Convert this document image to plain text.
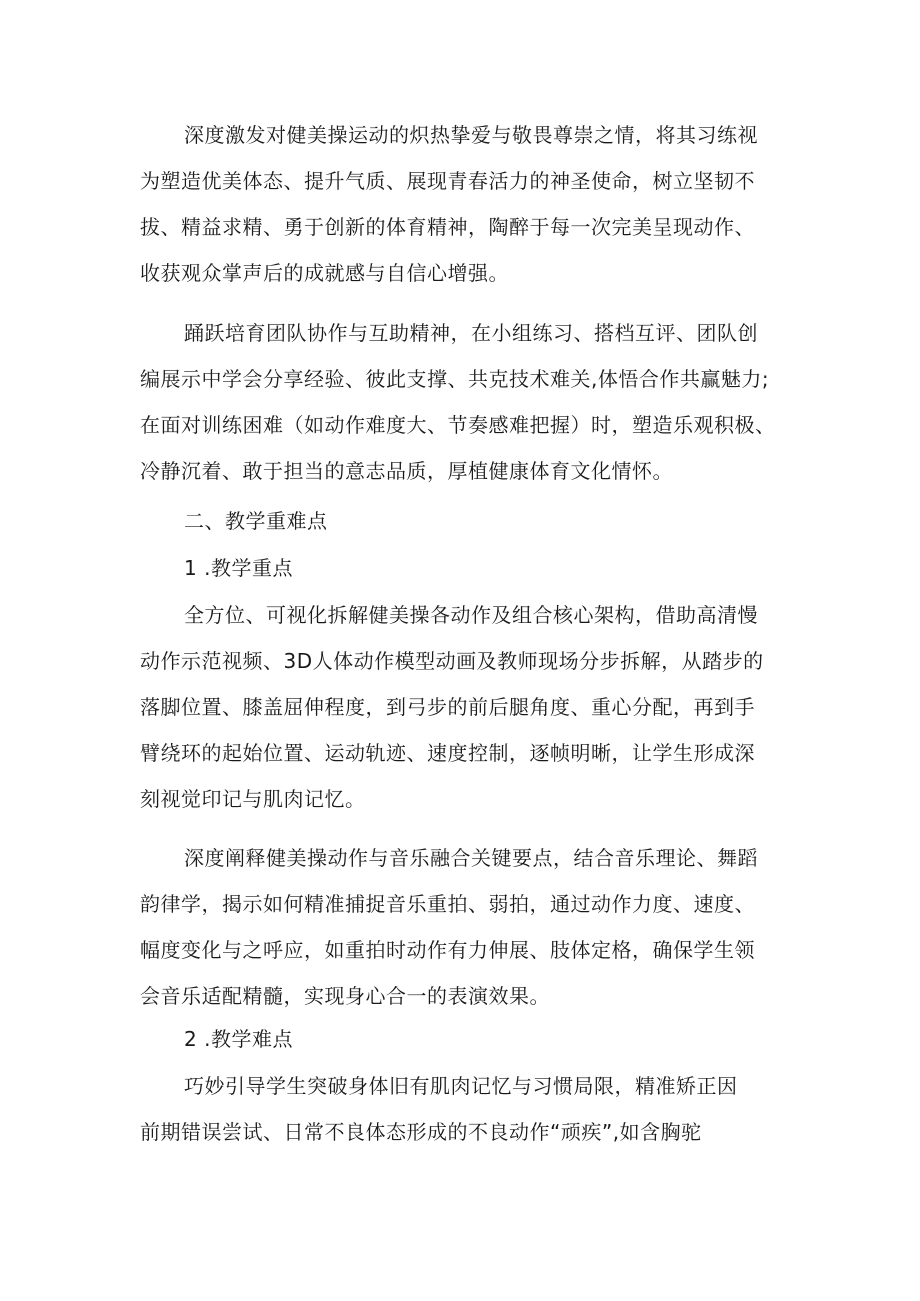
深度激发对健美操运动的炽热挚爱与敬畏尊崇之情，将其习练视
为塑造优美体态、提升气质、展现青春活力的神圣使命，树立坚韧不
拔、精益求精、勇于创新的体育精神，陶醉于每一次完美呈现动作、
收获观众掌声后的成就感与自信心增强。
踊跃培育团队协作与互助精神，在小组练习、搭档互评、团队创
编展示中学会分享经验、彼此支撑、共克技术难关,体悟合作共赢魅力;
在面对训练困难（如动作难度大、节奏感难把握）时，塑造乐观积极、
冷静沉着、敢于担当的意志品质，厚植健康体育文化情怀。
二、教学重难点
1 .教学重点
全方位、可视化拆解健美操各动作及组合核心架构，借助高清慢
动作示范视频、3D人体动作模型动画及教师现场分步拆解，从踏步的
落脚位置、膝盖屈伸程度，到弓步的前后腿角度、重心分配，再到手
臂绕环的起始位置、运动轨迹、速度控制，逐帧明晰，让学生形成深
刻视觉印记与肌肉记忆。
深度阐释健美操动作与音乐融合关键要点，结合音乐理论、舞蹈
韵律学，揭示如何精准捕捉音乐重拍、弱拍，通过动作力度、速度、
幅度变化与之呼应，如重拍时动作有力伸展、肢体定格，确保学生领
会音乐适配精髓，实现身心合一的表演效果。
2 .教学难点
巧妙引导学生突破身体旧有肌肉记忆与习惯局限，精准矫正因
前期错误尝试、日常不良体态形成的不良动作“顽疾”,如含胸驼
